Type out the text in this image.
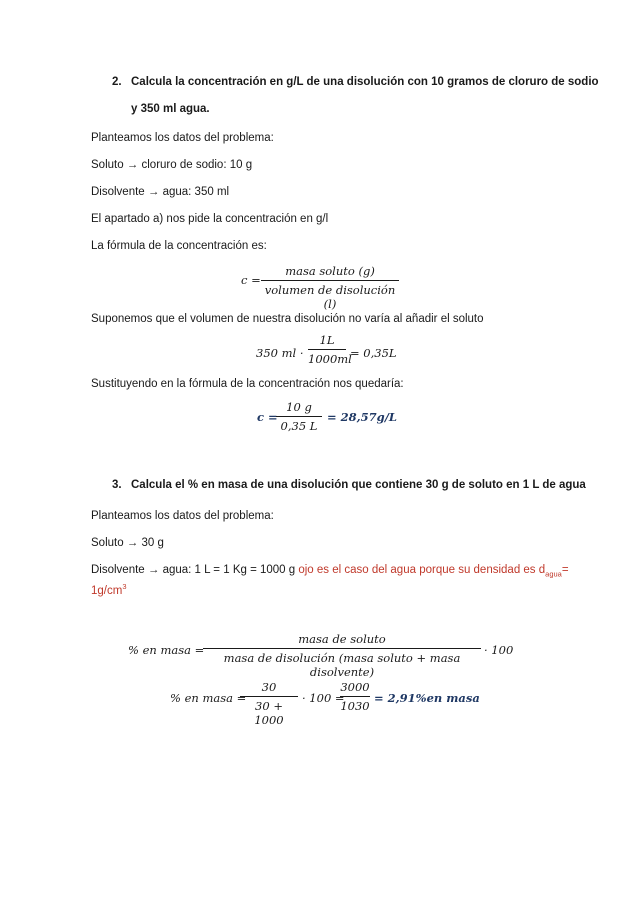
2. Calcula la concentración en g/L de una disolución con 10 gramos de cloruro de sodio
y 350 ml agua.
Planteamos los datos del problema:
Soluto → cloruro de sodio: 10 g
Disolvente → agua: 350 ml
El apartado a) nos pide la concentración en g/l
La fórmula de la concentración es:
c =
masa soluto (g)
volumen de disolución (l)
Suponemos que el volumen de nuestra disolución no varía al añadir el soluto
350 ml ·
1L
1000ml
= 0,35L
Sustituyendo en la fórmula de la concentración nos quedaría:
c =
10 g
0,35 L
= 28,57g/L
3. Calcula el % en masa de una disolución que contiene 30 g de soluto en 1 L de agua
Planteamos los datos del problema:
Soluto → 30 g
Disolvente → agua: 1 L = 1 Kg = 1000 g ojo es el caso del agua porque su densidad es $d_{agua}=$
$1g/cm^3$
% en masa =
masa de soluto
masa de disolución (masa soluto + masa disolvente)
· 100
% en masa =
30
30 + 1000
· 100 =
3000
1030
= 2,91%en masa
